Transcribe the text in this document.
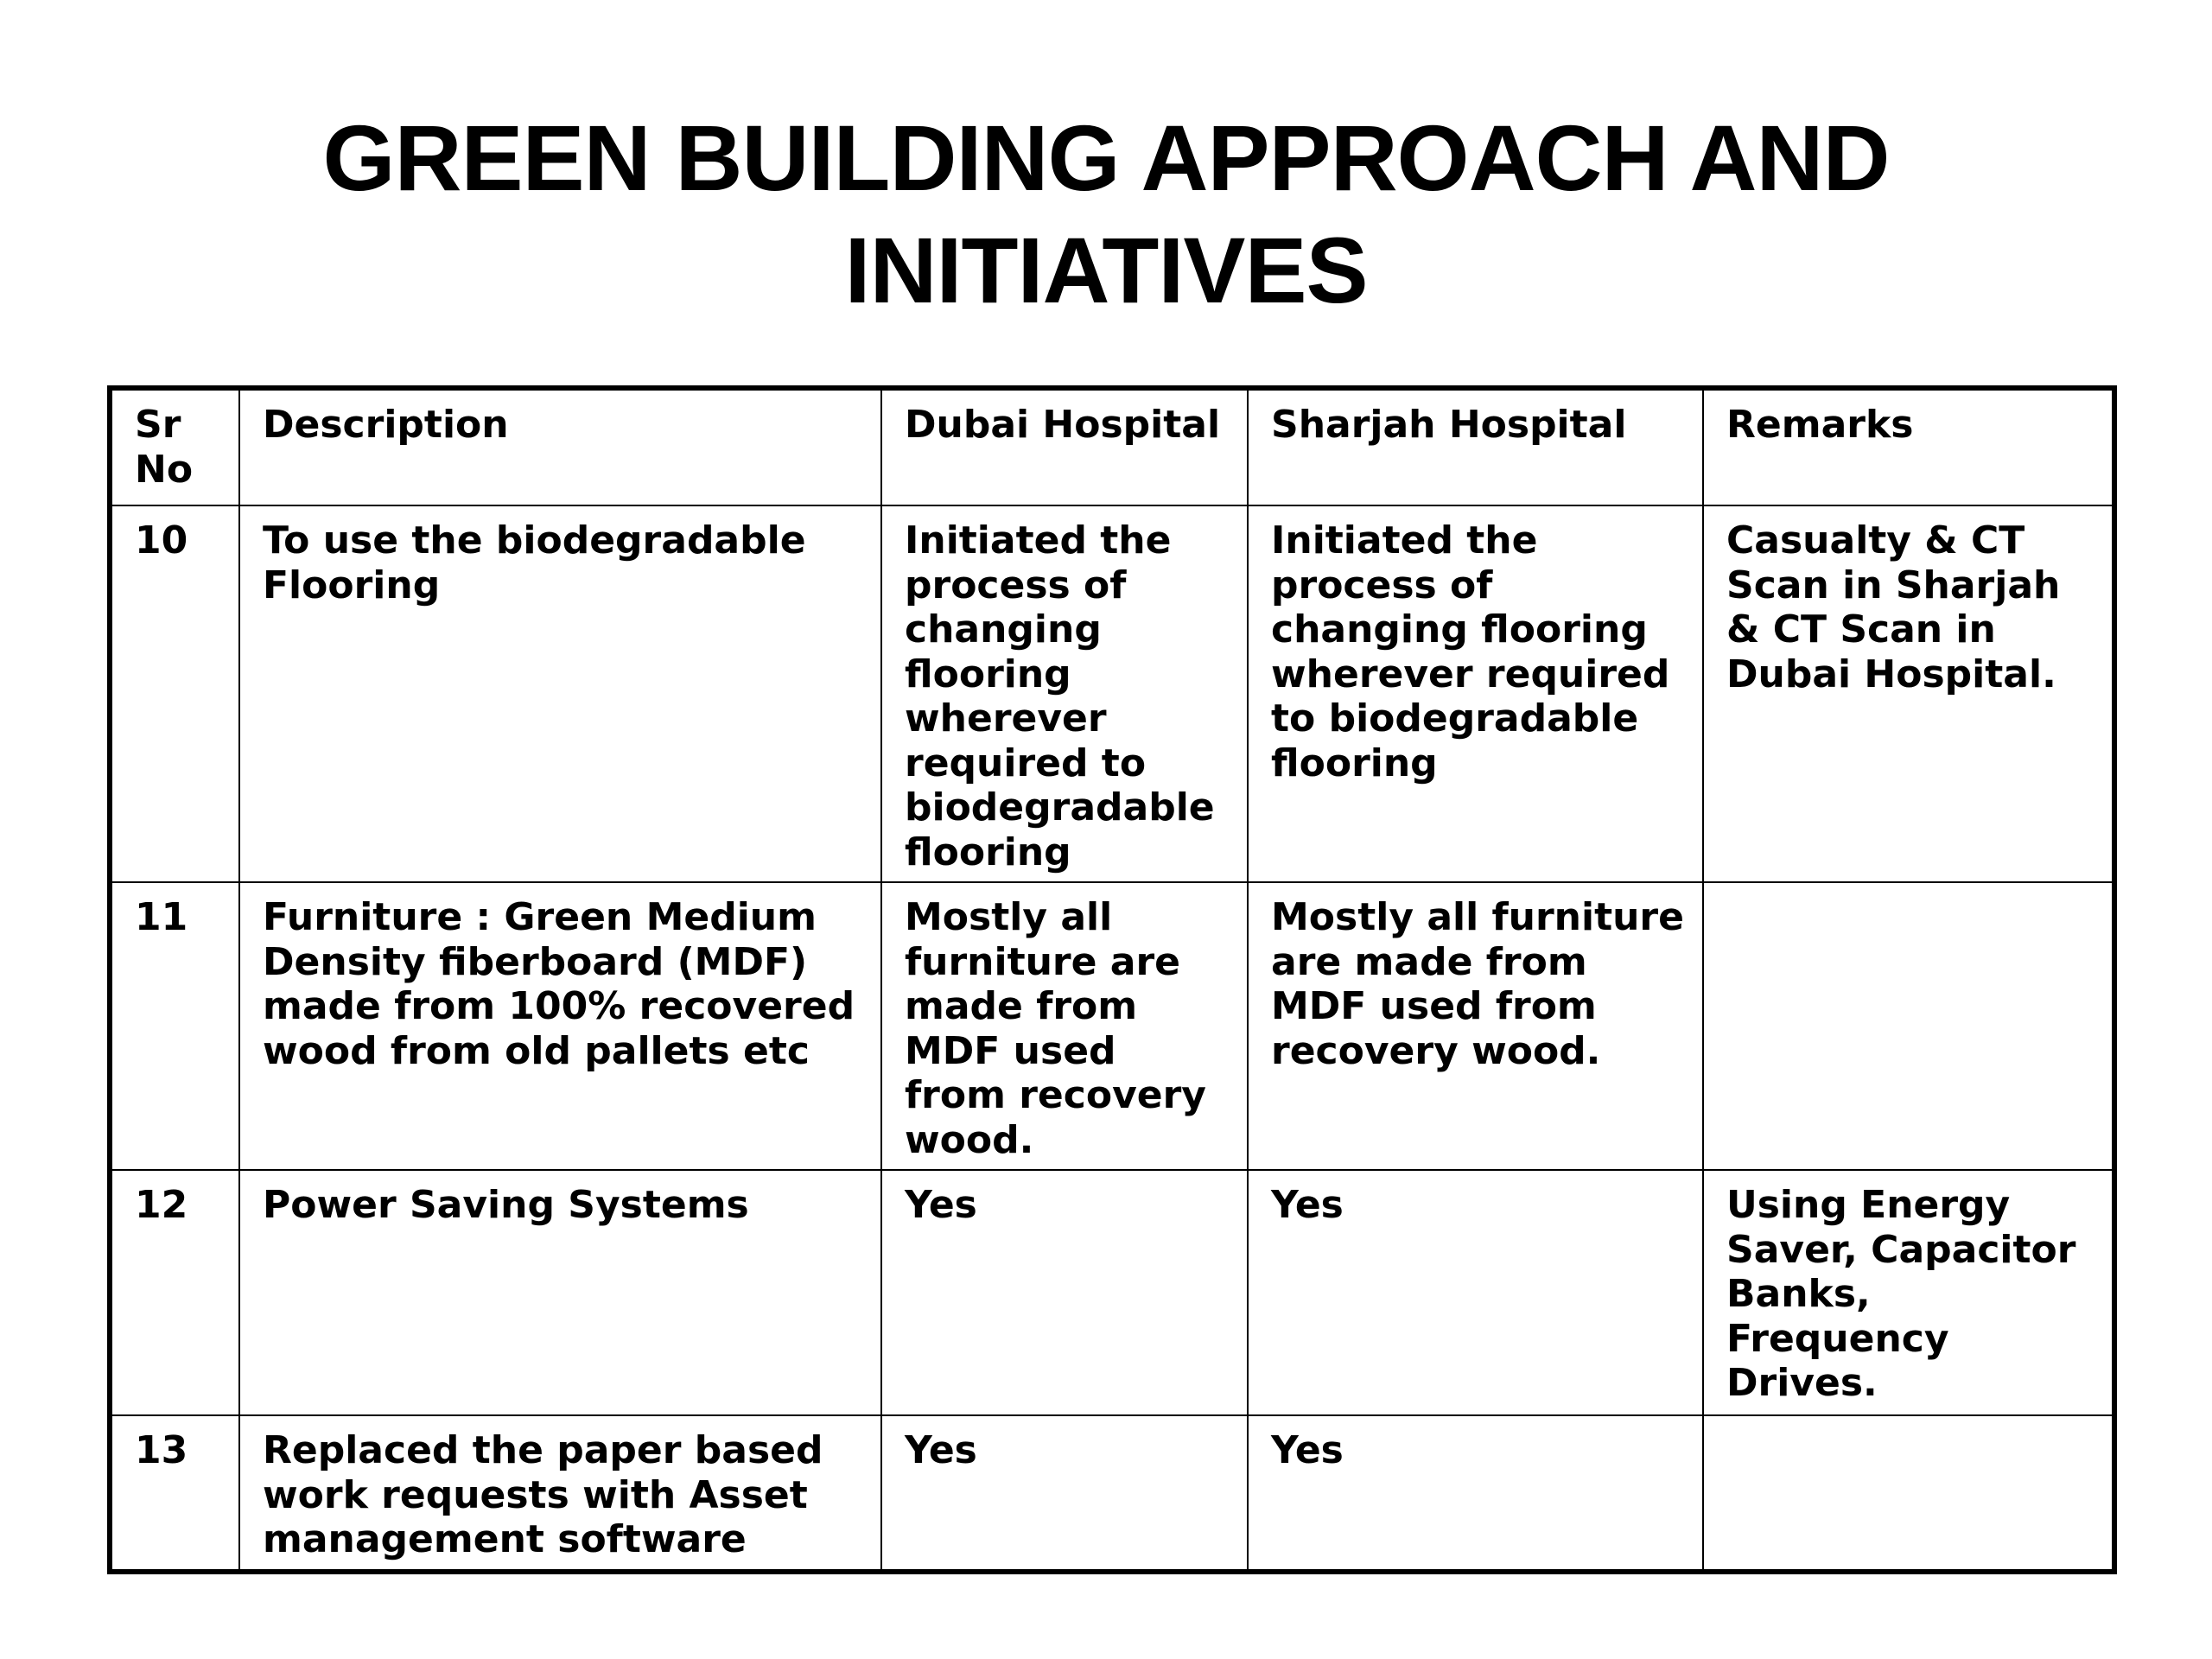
GREEN BUILDING APPROACH AND
INITIATIVES
Sr No	Description	Dubai Hospital	Sharjah Hospital	Remarks
10	To use the biodegradable Flooring	Initiated the process of changing flooring wherever required to biodegradable flooring	Initiated the process of changing flooring wherever required to biodegradable flooring	Casualty & CT Scan in Sharjah & CT Scan in Dubai Hospital.
11	Furniture : Green Medium Density fiberboard (MDF) made from 100% recovered wood from old pallets etc	Mostly all furniture are made from MDF used from recovery wood.	Mostly all furniture are made from MDF used from recovery wood.	
12	Power Saving Systems	Yes	Yes	Using Energy Saver, Capacitor Banks, Frequency Drives.
13	Replaced the paper based work requests with Asset management software	Yes	Yes	
